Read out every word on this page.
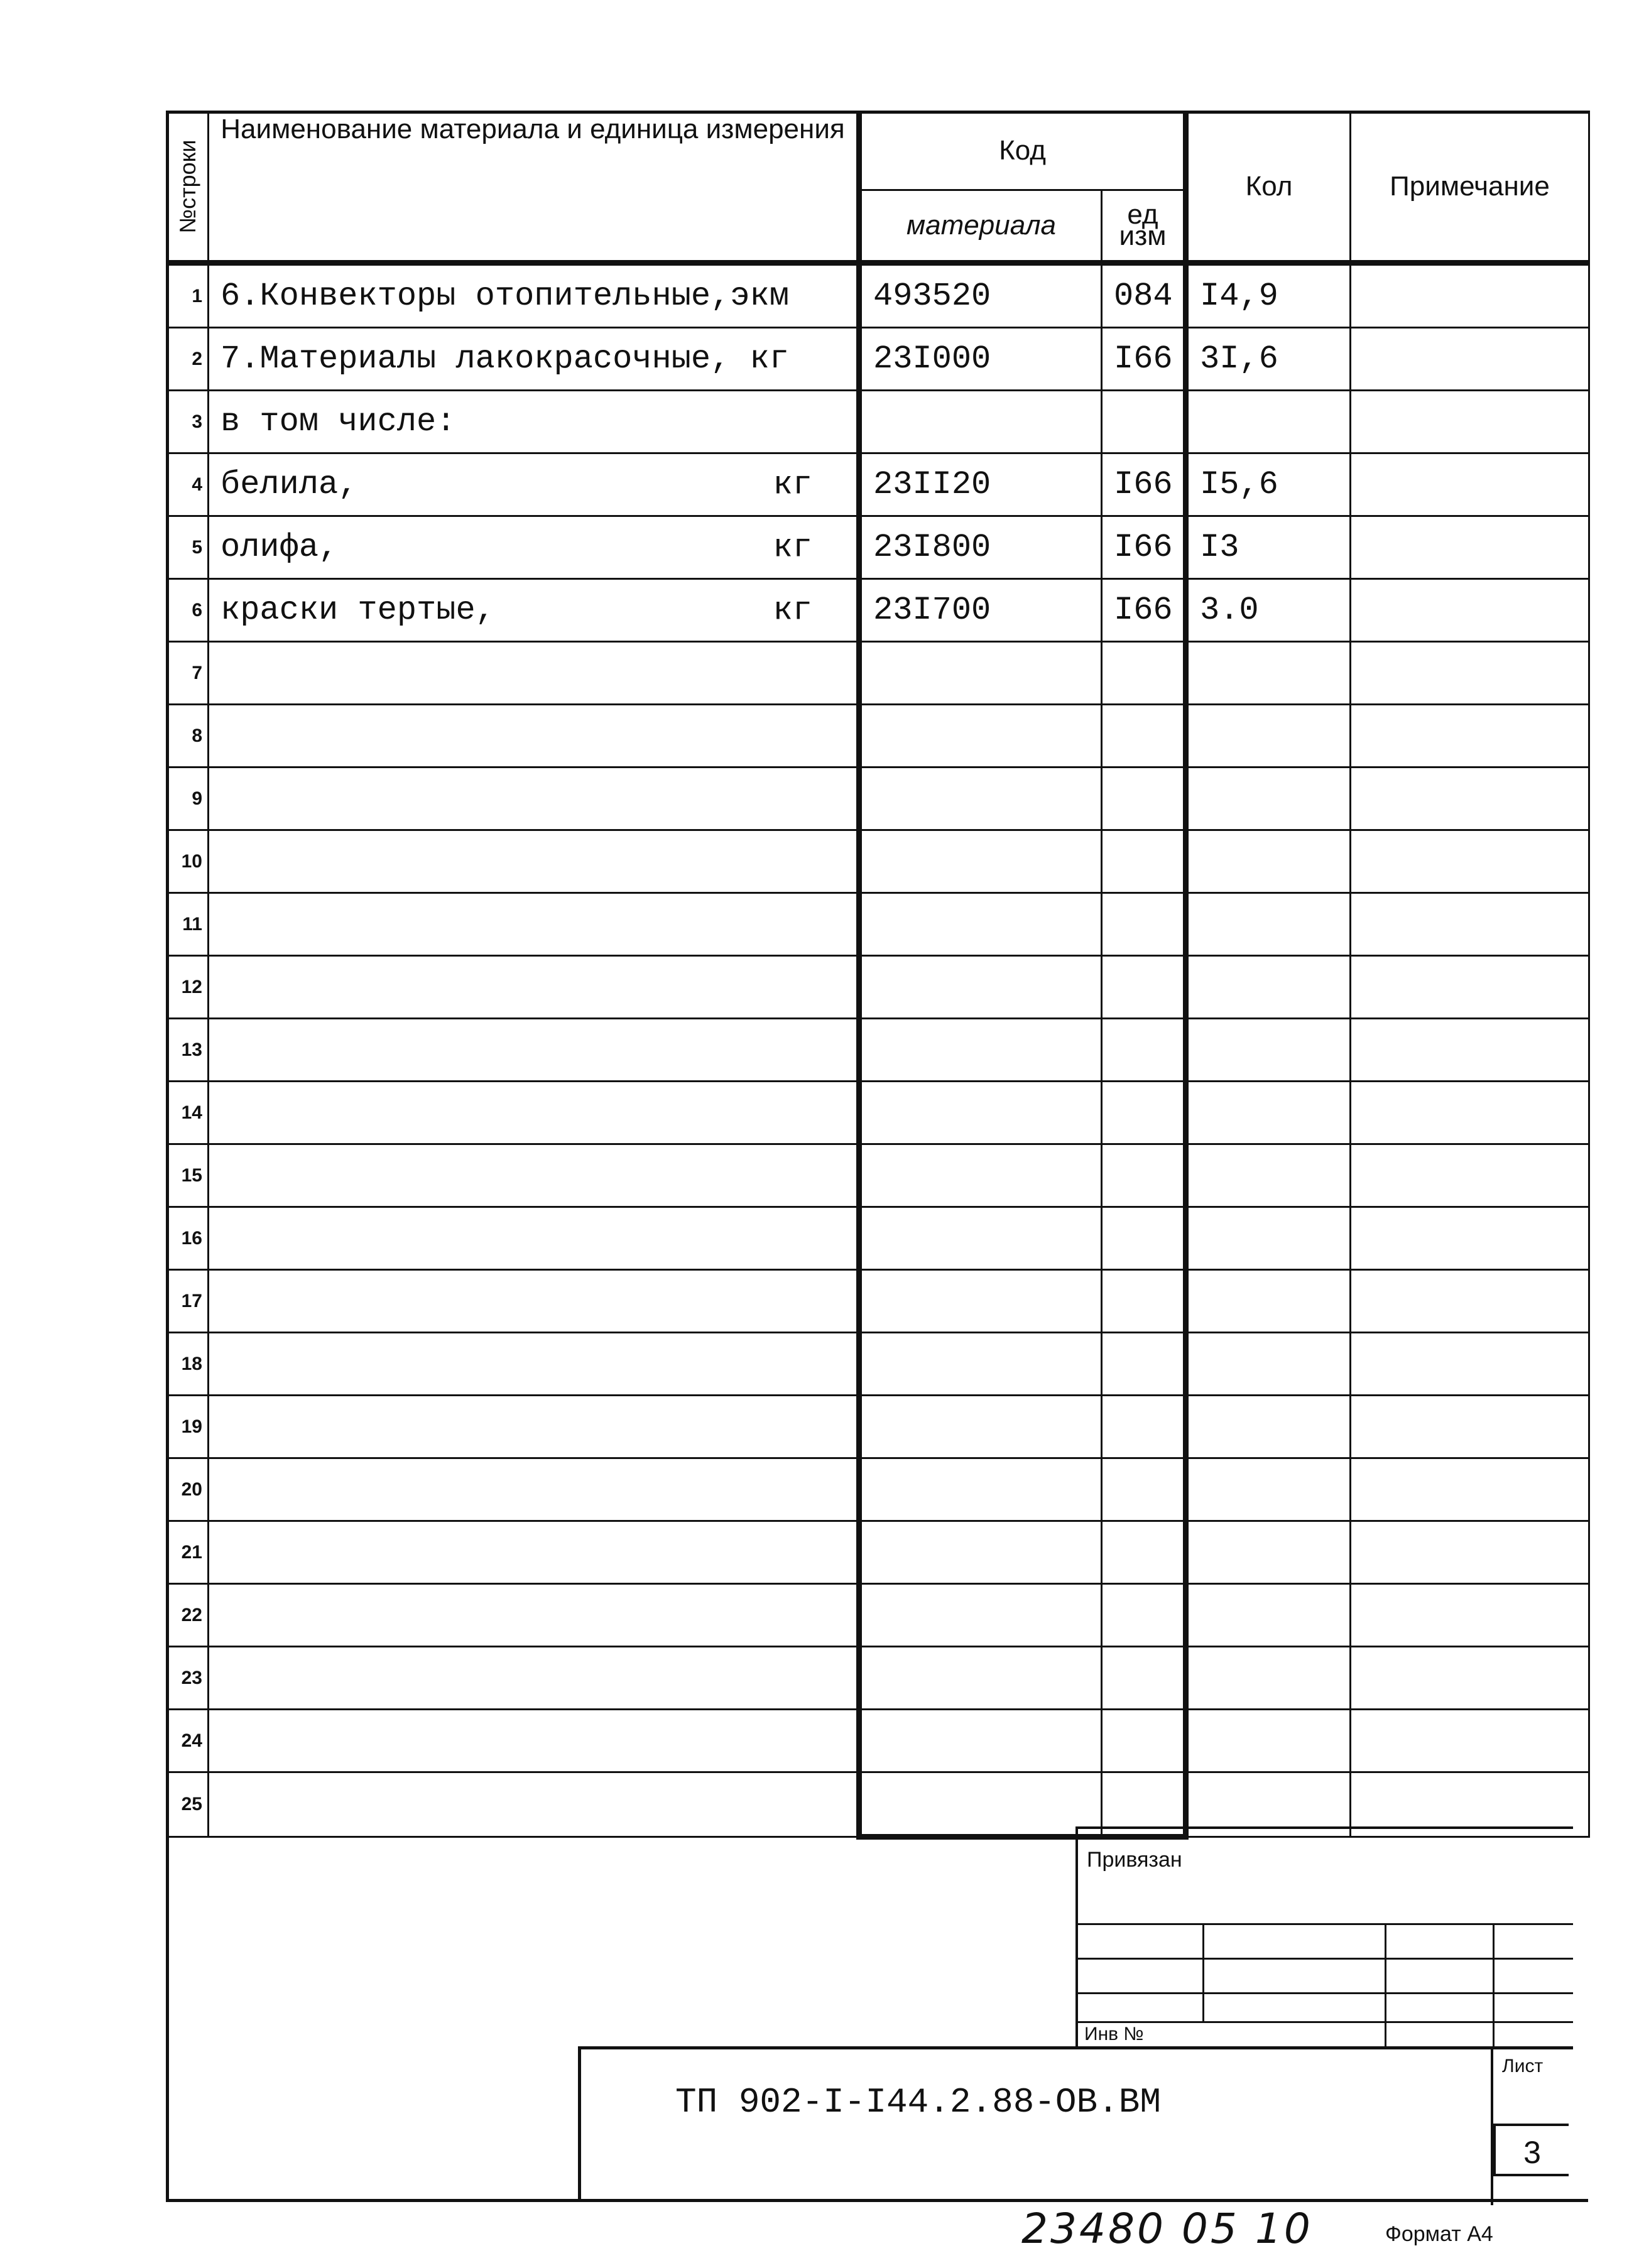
№строки	Наименование материала и единица измерения	Код		Кол	Примечание
		материала	ед изм		
1	6.Конвекторы отопительные,экм	493520	084	I4,9	
2	7.Материалы лакокрасочные, кг	23I000	I66	3I,6	
3	в том числе:				
4	белила, кг	23II20	I66	I5,6	
5	олифа, кг	23I800	I66	I3	
6	краски тертые, кг	23I700	I66	3.0	
7					
8					
9					
10					
11					
12					
13					
14					
15					
16					
17					
18					
19					
20					
21					
22					
23					
24					
25					
Привязан
Инв №
ТП 902-I-I44.2.88-ОВ.ВМ
Лист
3
23480 05 10	Формат А4
